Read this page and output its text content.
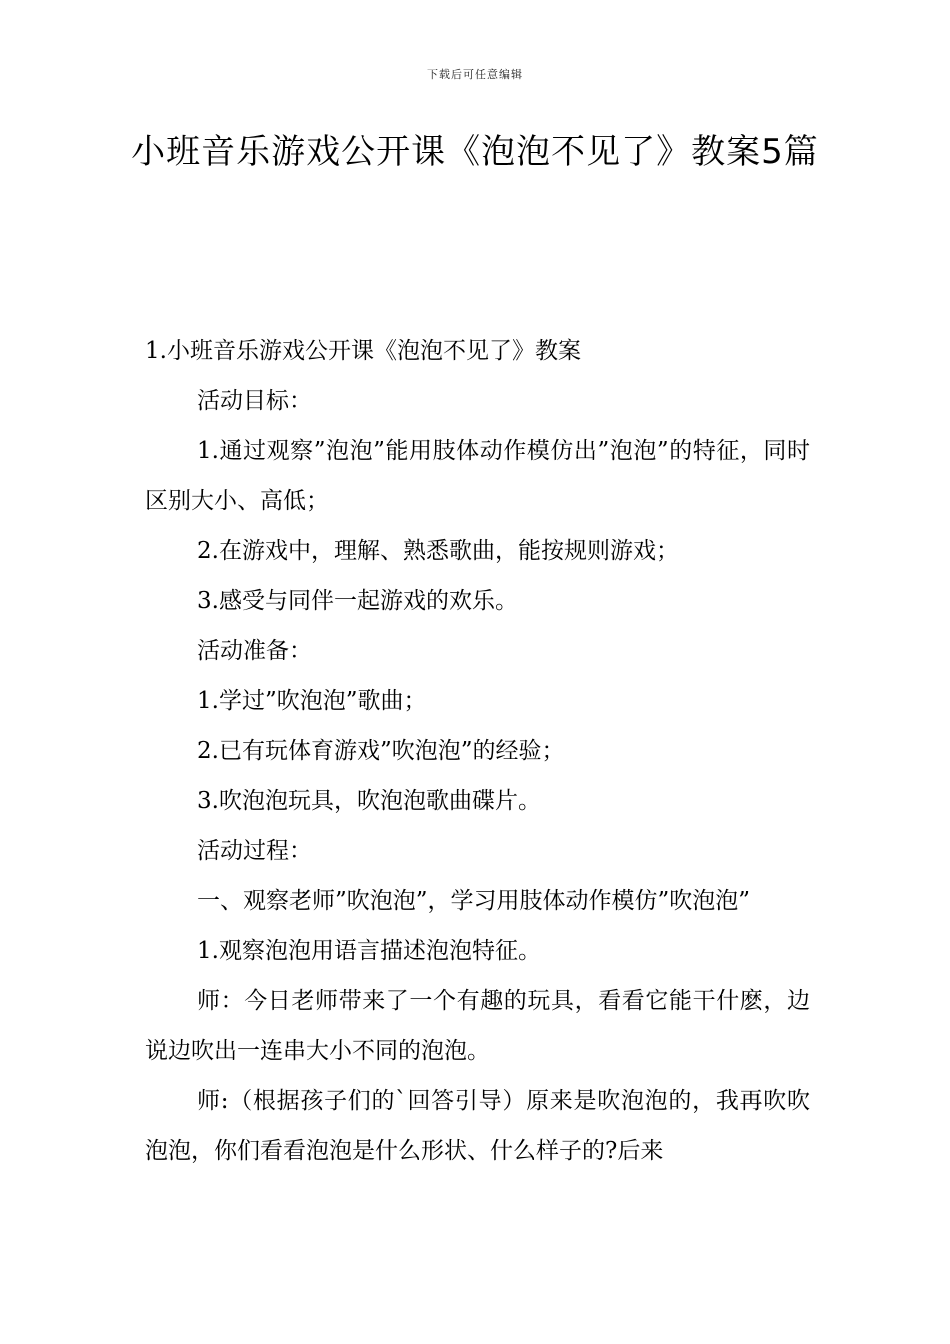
下载后可任意编辑
小班音乐游戏公开课《泡泡不见了》教案5篇

1.小班音乐游戏公开课《泡泡不见了》教案

活动目标：

1.通过观察”泡泡”能用肢体动作模仿出”泡泡”的特征，同时区别大小、高低；

2.在游戏中，理解、熟悉歌曲，能按规则游戏；

3.感受与同伴一起游戏的欢乐。

活动准备：

1.学过”吹泡泡”歌曲；

2.已有玩体育游戏”吹泡泡”的经验；

3.吹泡泡玩具，吹泡泡歌曲碟片。

活动过程：

一、观察老师”吹泡泡”，学习用肢体动作模仿”吹泡泡”

1.观察泡泡用语言描述泡泡特征。

师：今日老师带来了一个有趣的玩具，看看它能干什麽，边说边吹出一连串大小不同的泡泡。

师:（根据孩子们的`回答引导）原来是吹泡泡的，我再吹吹泡泡，你们看看泡泡是什么形状、什么样子的?后来
